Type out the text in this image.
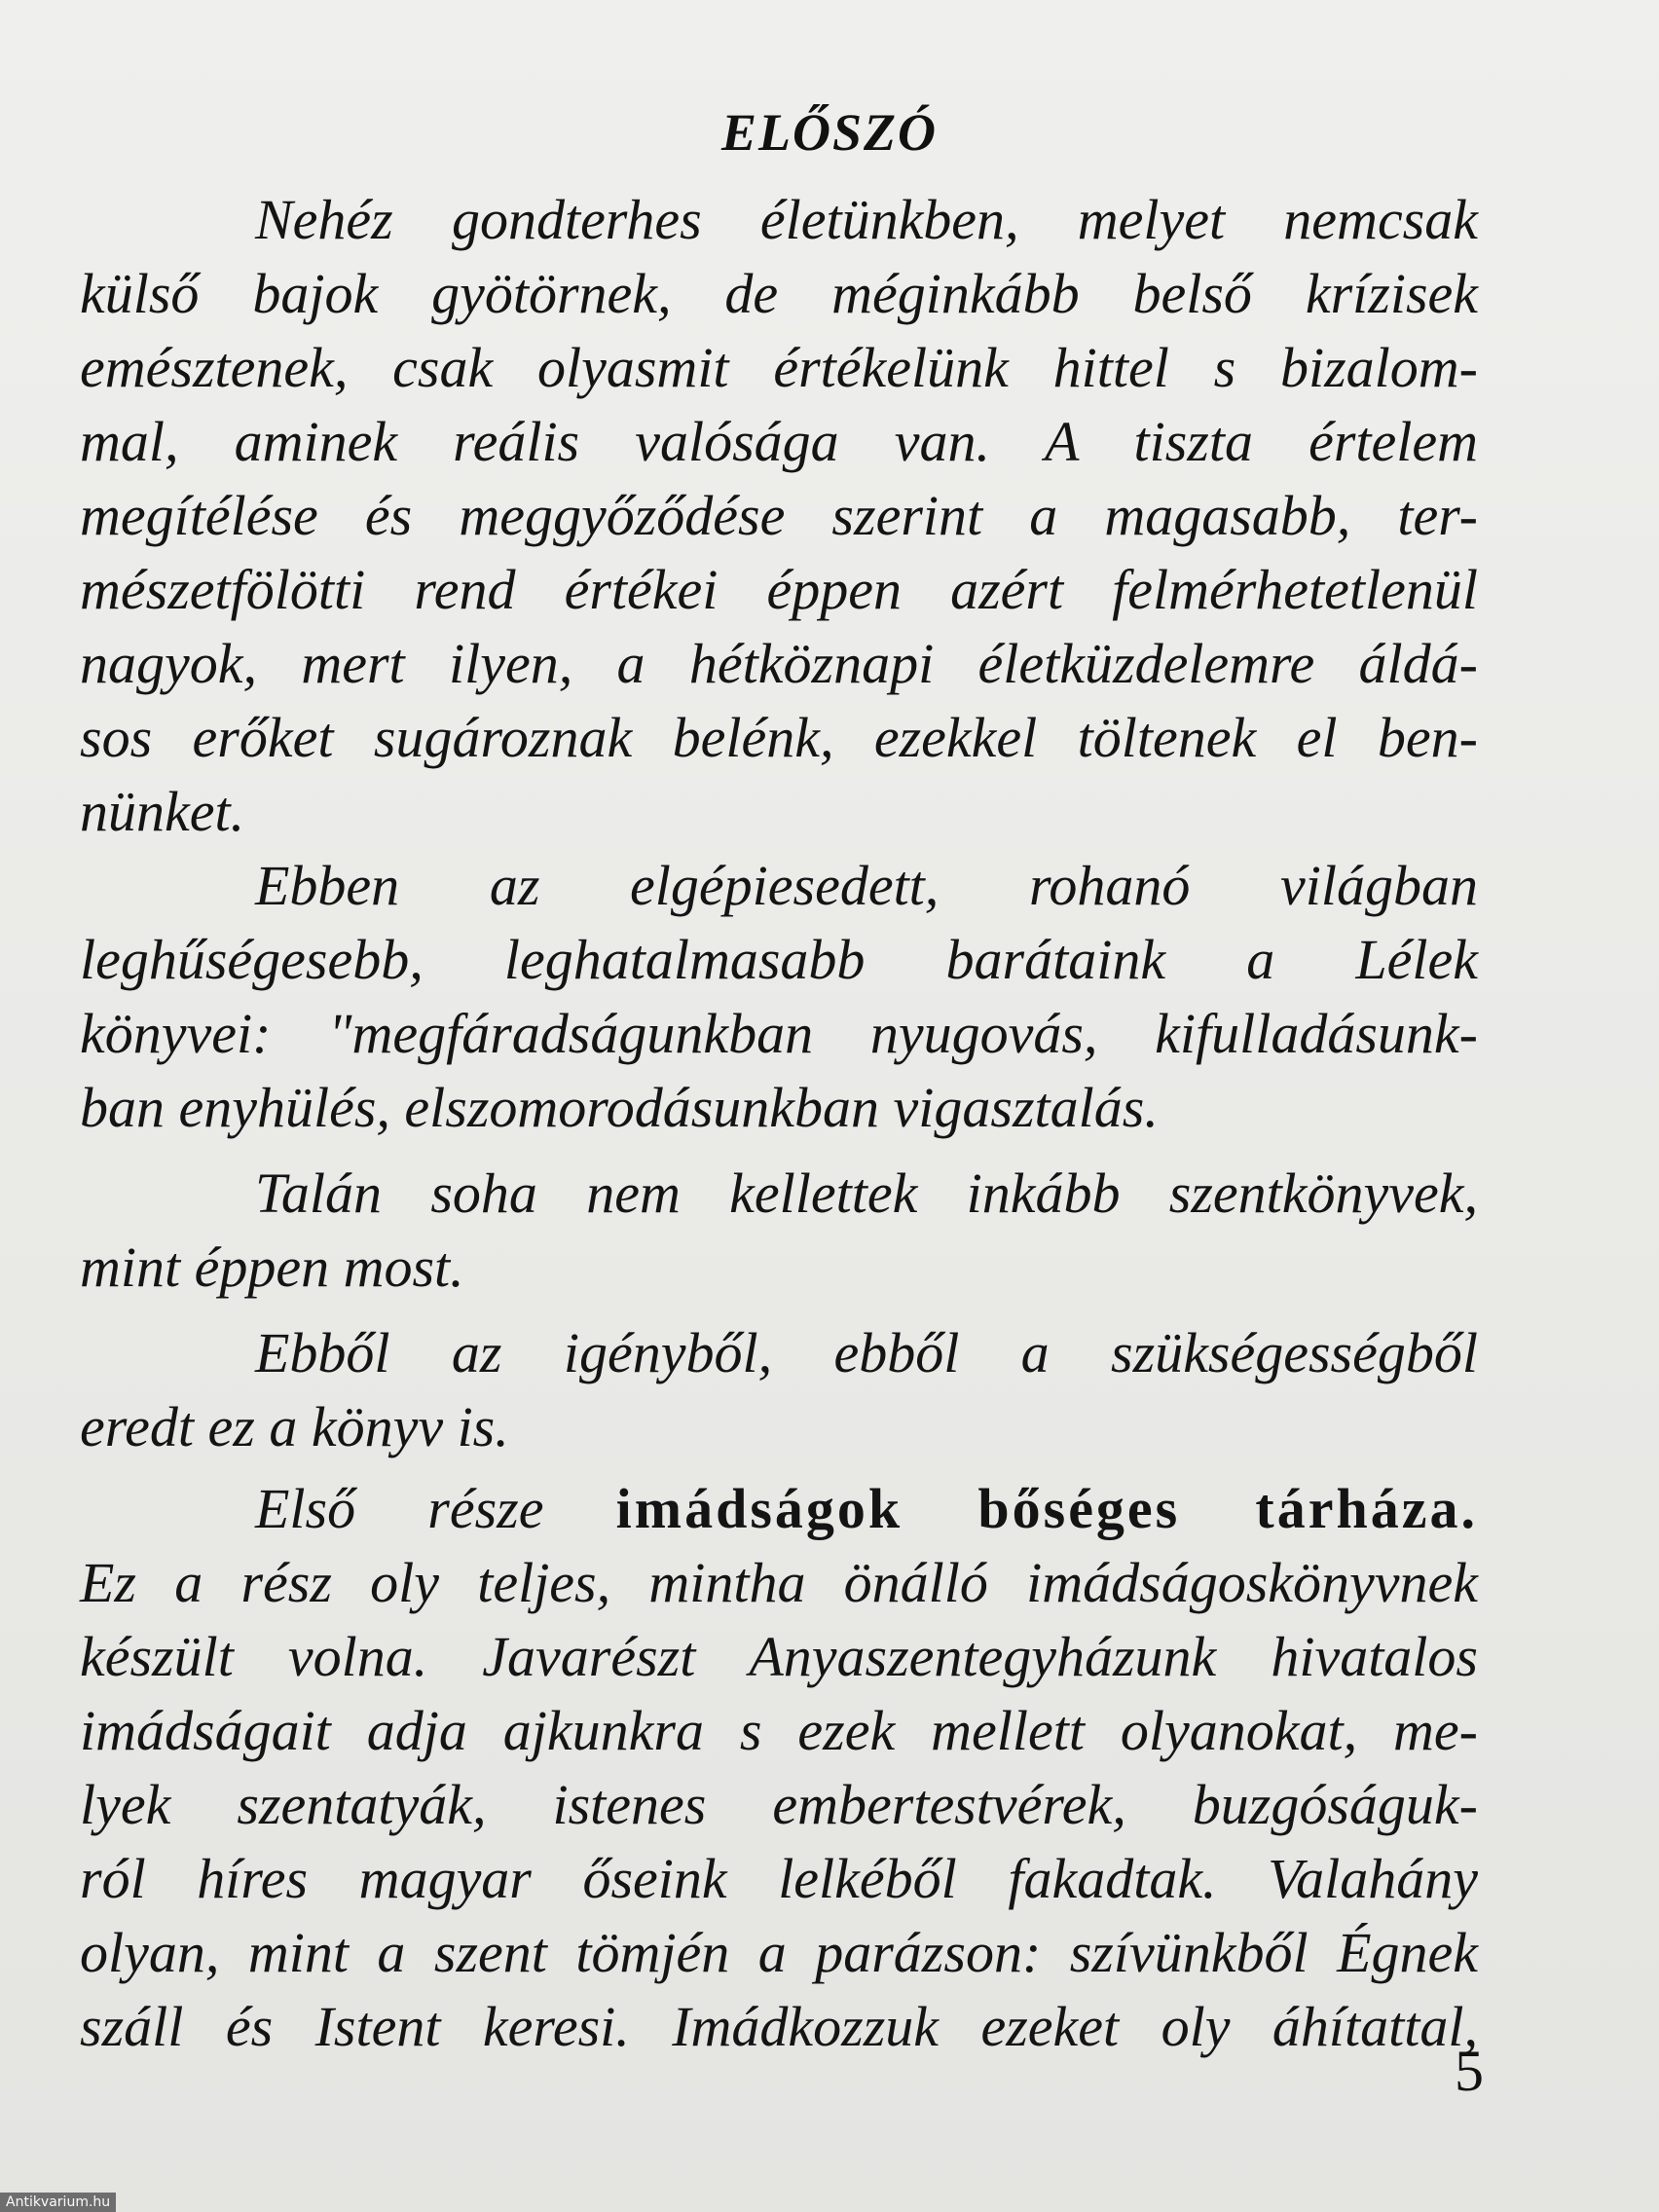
ELŐSZÓ
Nehéz gondterhes életünkben, melyet nemcsak
külső bajok gyötörnek, de méginkább belső krízisek
emésztenek, csak olyasmit értékelünk hittel s bizalom-
mal, aminek reális valósága van. A tiszta értelem
megítélése és meggyőződése szerint a magasabb, ter-
mészetfölötti rend értékei éppen azért felmérhetetlenül
nagyok, mert ilyen, a hétköznapi életküzdelemre áldá-
sos erőket sugároznak belénk, ezekkel töltenek el ben-
nünket.
Ebben az elgépiesedett, rohanó világban
leghűségesebb, leghatalmasabb barátaink a Lélek
könyvei: "megfáradságunkban nyugovás, kifulladásunk-
ban enyhülés, elszomorodásunkban vigasztalás.
Talán soha nem kellettek inkább szentkönyvek,
mint éppen most.
Ebből az igényből, ebből a szükségességből
eredt ez a könyv is.
Első része imádságok bőséges tárháza.
Ez a rész oly teljes, mintha önálló imádságoskönyvnek
készült volna. Javarészt Anyaszentegyházunk hivatalos
imádságait adja ajkunkra s ezek mellett olyanokat, me-
lyek szentatyák, istenes embertestvérek, buzgóságuk-
ról híres magyar őseink lelkéből fakadtak. Valahány
olyan, mint a szent tömjén a parázson: szívünkből Égnek
száll és Istent keresi. Imádkozzuk ezeket oly áhítattal,
5
Antikvarium.hu
